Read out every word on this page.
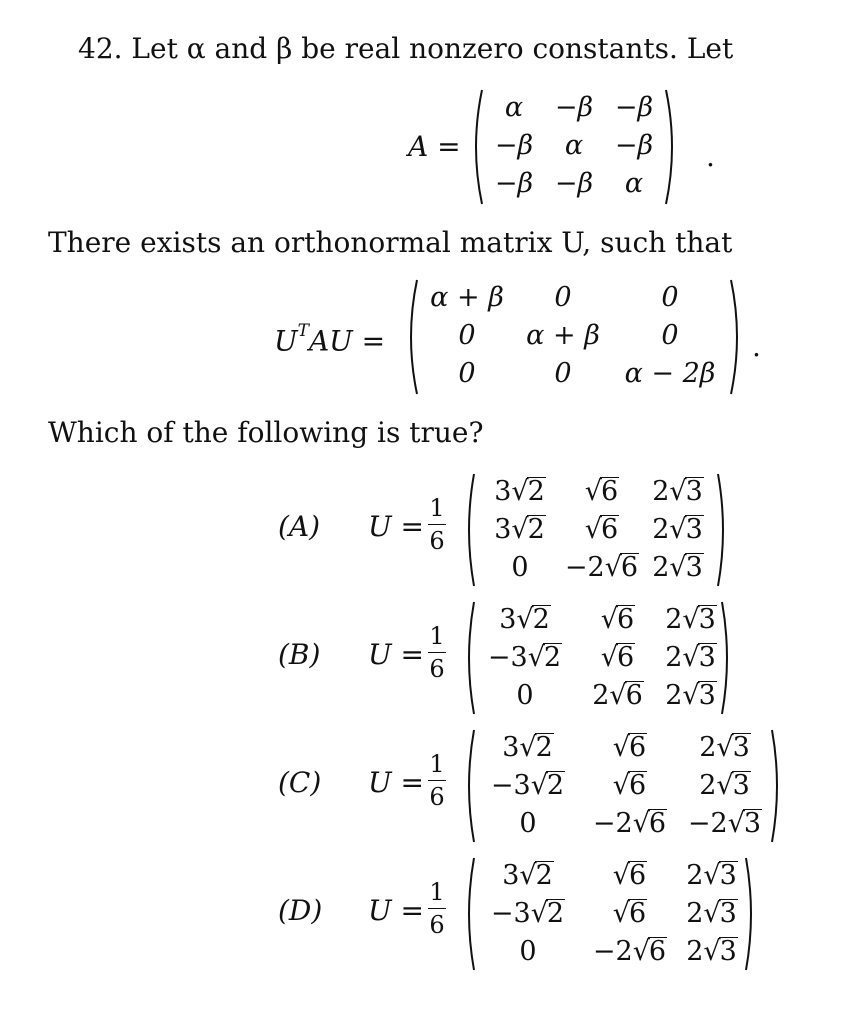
42. Let α and β be real nonzero constants. Let
A =
α −β −β
−β α −β
−β −β α
.
There exists an orthonormal matrix U, such that
$U^TAU$ =
α + β 0	0
0 α + β 0
0	0 α − 2β
.
Which of the following is true?
(A) U =
1
6
3√2 √6 2√3
3√2 √6 2√3
0 −2√6 2√3
(B) U =
1
6
3√2 √6 2√3
−3√2 √6 2√3
0 2√6 2√3
(C) U =
1
6
3√2 √6 2√3
−3√2 √6 2√3
0 −2√6 −2√3
(D) U =
1
6
3√2 √6 2√3
−3√2 √6 2√3
0 −2√6 2√3
